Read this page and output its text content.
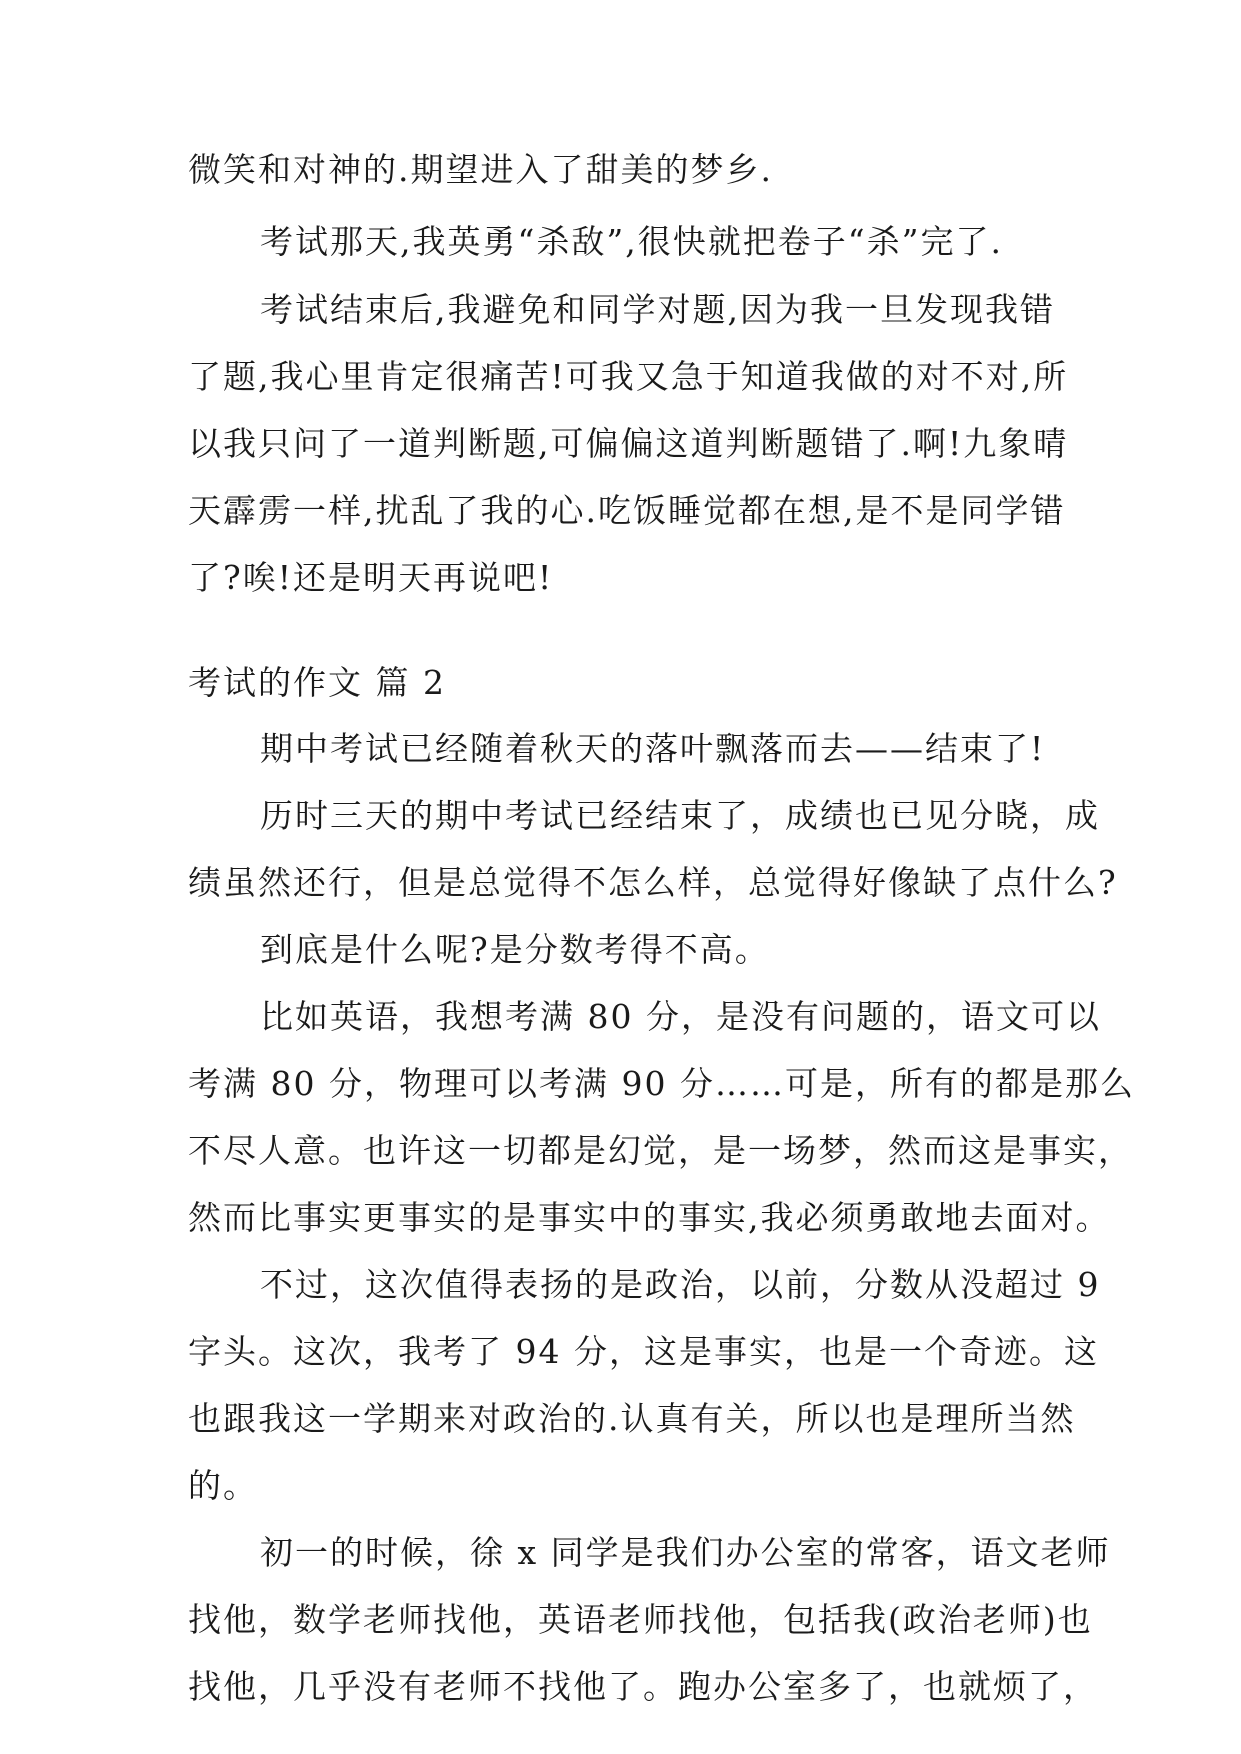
微笑和对神的.期望进入了甜美的梦乡.
考试那天,我英勇“杀敌”,很快就把卷子“杀”完了.
考试结束后,我避免和同学对题,因为我一旦发现我错
了题,我心里肯定很痛苦!可我又急于知道我做的对不对,所
以我只问了一道判断题,可偏偏这道判断题错了.啊!九象晴
天霹雳一样,扰乱了我的心.吃饭睡觉都在想,是不是同学错
了?唉!还是明天再说吧!
考试的作文 篇 2
期中考试已经随着秋天的落叶飘落而去——结束了!
历时三天的期中考试已经结束了，成绩也已见分晓，成
绩虽然还行，但是总觉得不怎么样，总觉得好像缺了点什么?
到底是什么呢?是分数考得不高。
比如英语，我想考满 80 分，是没有问题的，语文可以
考满 80 分，物理可以考满 90 分……可是，所有的都是那么
不尽人意。也许这一切都是幻觉，是一场梦，然而这是事实，
然而比事实更事实的是事实中的事实,我必须勇敢地去面对。
不过，这次值得表扬的是政治，以前，分数从没超过 9
字头。这次，我考了 94 分，这是事实，也是一个奇迹。这
也跟我这一学期来对政治的.认真有关，所以也是理所当然
的。
初一的时候，徐 x 同学是我们办公室的常客，语文老师
找他，数学老师找他，英语老师找他，包括我(政治老师)也
找他，几乎没有老师不找他了。跑办公室多了，也就烦了，
